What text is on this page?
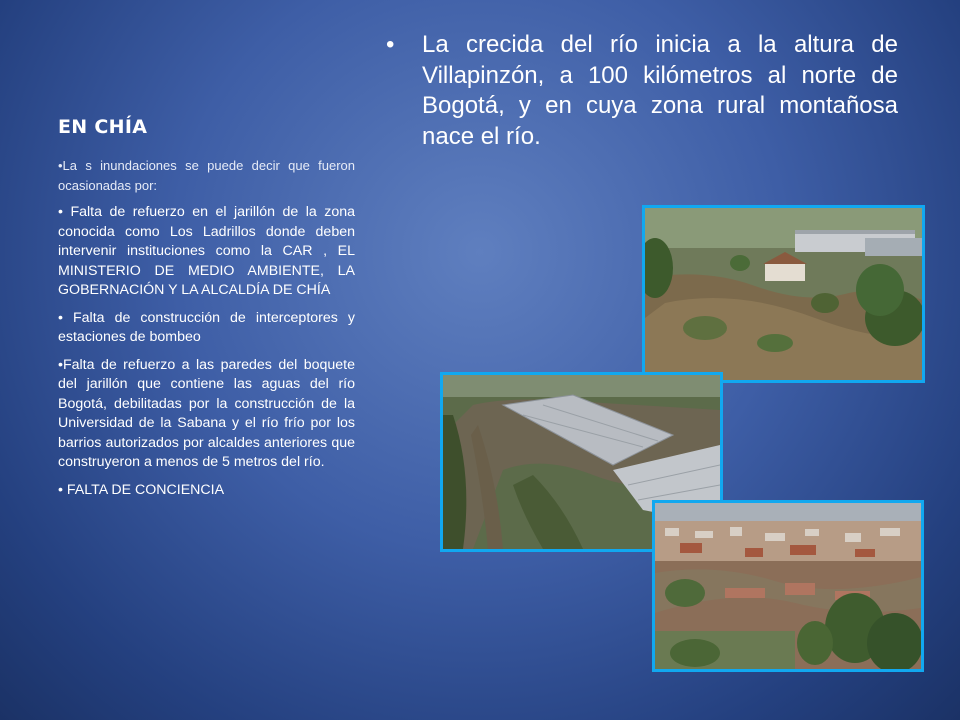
EN CHÍA

•La s inundaciones se puede decir que fueron ocasionadas por:

• Falta de refuerzo en el jarillón de la zona conocida como Los Ladrillos donde deben intervenir instituciones como la CAR , EL MINISTERIO DE MEDIO AMBIENTE, LA GOBERNACIÓN Y LA ALCALDÍA DE CHÍA

• Falta de construcción de interceptores y estaciones de bombeo

•Falta de refuerzo a las paredes del boquete del jarillón que contiene las aguas del río Bogotá, debilitadas por la construcción de la Universidad de la Sabana y el río frío por los barrios autorizados por alcaldes anteriores que construyeron a menos de 5 metros del río.

• FALTA DE CONCIENCIA

•	La crecida del río inicia a la altura de Villapinzón, a 100 kilómetros al norte de Bogotá, y en cuya zona rural montañosa nace el río.
